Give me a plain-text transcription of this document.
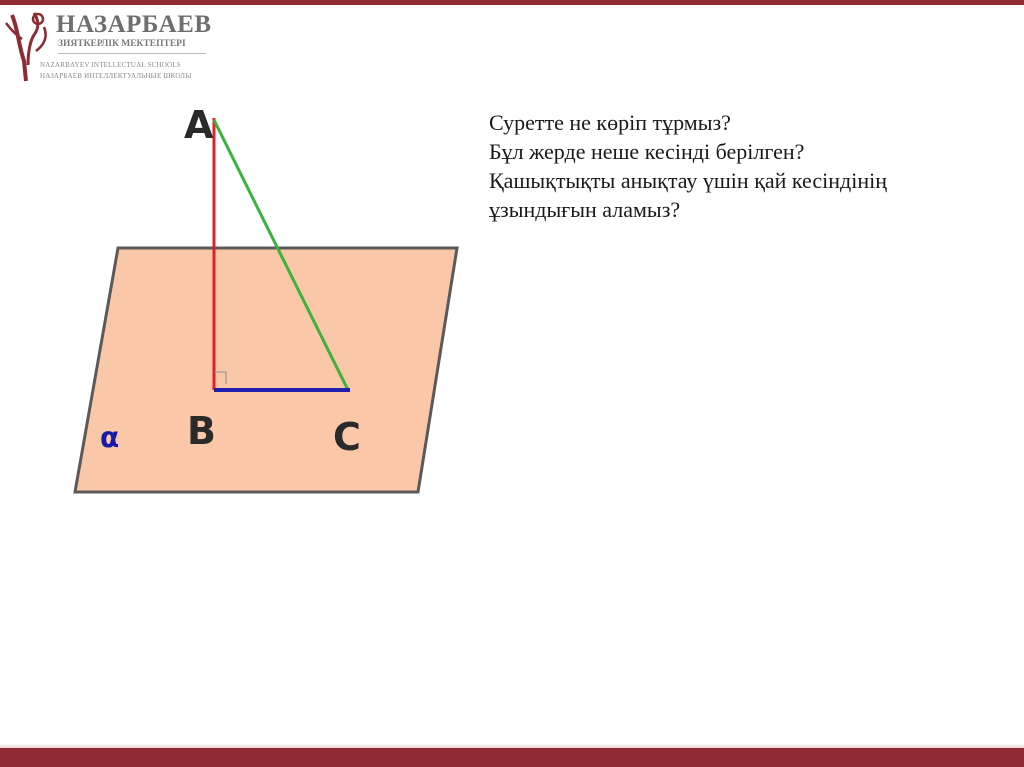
НАЗАРБАЕВ
ЗИЯТКЕРЛІК МЕКТЕПТЕРІ
NAZARBAYEV INTELLECTUAL SCHOOLS
НАЗАРБАЕВ ИНТЕЛЛЕКТУАЛЬНЫЕ ШКОЛЫ
A
B	C
α
Суретте не көріп тұрмыз?
Бұл жерде неше кесінді берілген?
Қашықтықты анықтау үшін қай кесіндінің
ұзындығын аламыз?
